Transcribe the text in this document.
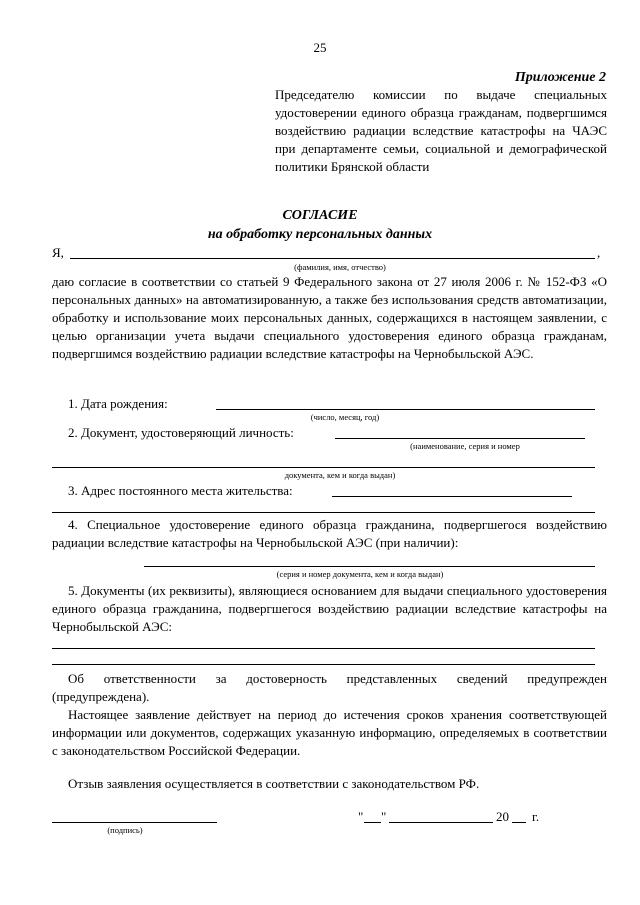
25
Приложение 2
Председателю комиссии по выдаче специальных удостоверении единого образца гражданам, подвергшимся воздействию радиации вследствие катастрофы на ЧАЭС при департаменте семьи, социальной и демографической политики Брянской области
СОГЛАСИЕ
на обработку персональных данных
Я,	,
(фамилия, имя, отчество)
даю согласие в соответствии со статьей 9 Федерального закона от 27 июля 2006 г. № 152-ФЗ «О персональных данных» на автоматизированную, а также без использования средств автоматизации, обработку и использование моих персональных данных, содержащихся в настоящем заявлении, с целью организации учета выдачи специального удостоверения единого образца гражданам, подвергшимся воздействию радиации вследствие катастрофы на Чернобыльской АЭС.
1. Дата рождения:
(число, месяц, год)
2. Документ, удостоверяющий личность:
(наименование, серия и номер
документа, кем и когда выдан)
3. Адрес постоянного места жительства:
4. Специальное удостоверение единого образца гражданина, подвергшегося воздействию радиации вследствие катастрофы на Чернобыльской АЭС (при наличии):
(серия и номер документа, кем и когда выдан)
5. Документы (их реквизиты), являющиеся основанием для выдачи специального удостоверения единого образца гражданина, подвергшегося воздействию радиации вследствие катастрофы на Чернобыльской АЭС:
Об ответственности за достоверность представленных сведений предупрежден (предупреждена).
Настоящее заявление действует на период до истечения сроков хранения соответствующей информации или документов, содержащих указанную информацию, определяемых в соответствии с законодательством Российской Федерации.
Отзыв заявления осуществляется в соответствии с законодательством РФ.
(подпись)
" "	20 г.
